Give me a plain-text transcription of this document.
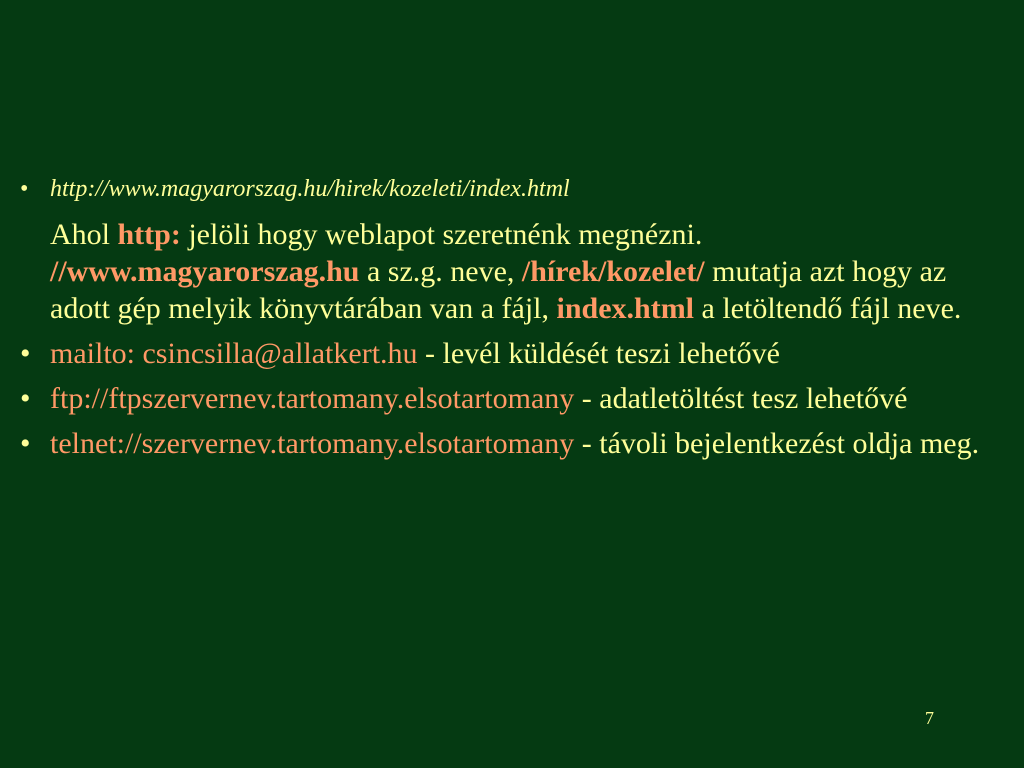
• http://www.magyarorszag.hu/hirek/kozeleti/index.html
Ahol http: jelöli hogy weblapot szeretnénk megnézni. //www.magyarorszag.hu a sz.g. neve, /hírek/kozelet/ mutatja azt hogy az adott gép melyik könyvtárában van a fájl, index.html a letöltendő fájl neve.
• mailto: csincsilla@allatkert.hu - levél küldését teszi lehetővé
• ftp://ftpszervernev.tartomany.elsotartomany - adatletöltést tesz lehetővé
• telnet://szervernev.tartomany.elsotartomany - távoli bejelentkezést oldja meg.
7
